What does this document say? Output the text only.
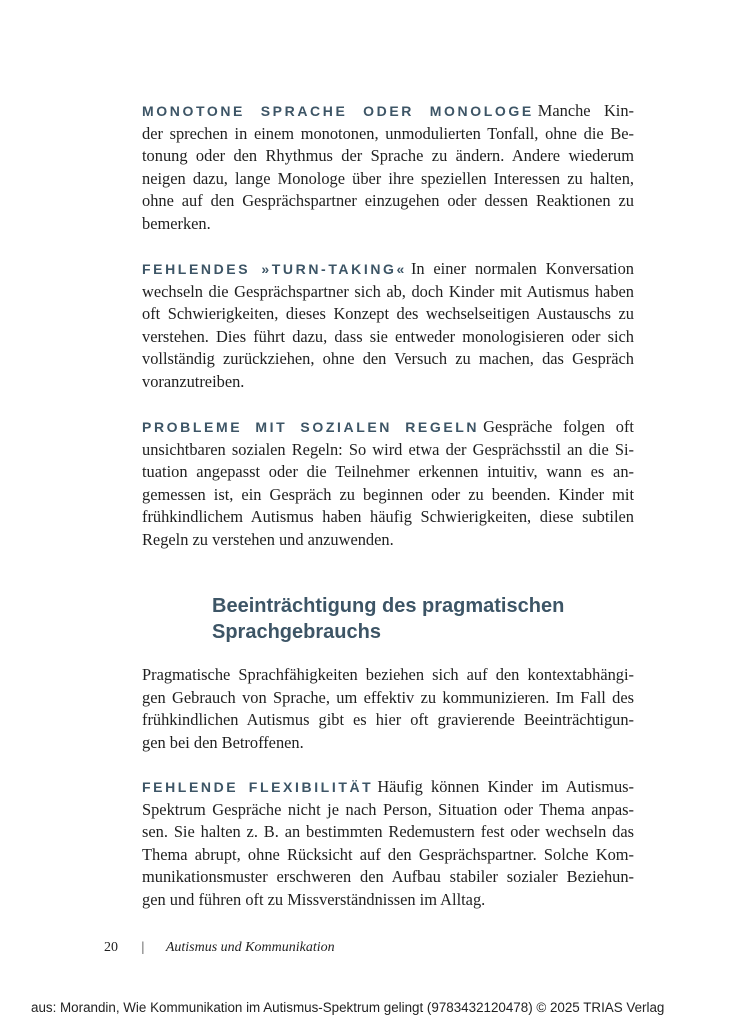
MONOTONE SPRACHE ODER MONOLOGE Manche Kin-
der sprechen in einem monotonen, unmodulierten Tonfall, ohne die Be-
tonung oder den Rhythmus der Sprache zu ändern. Andere wiederum
neigen dazu, lange Monologe über ihre speziellen Interessen zu halten,
ohne auf den Gesprächspartner einzugehen oder dessen Reaktionen zu
bemerken.
FEHLENDES »TURN-TAKING« In einer normalen Konversation
wechseln die Gesprächspartner sich ab, doch Kinder mit Autismus haben
oft Schwierigkeiten, dieses Konzept des wechselseitigen Austauschs zu
verstehen. Dies führt dazu, dass sie entweder monologisieren oder sich
vollständig zurückziehen, ohne den Versuch zu machen, das Gespräch
voranzutreiben.
PROBLEME MIT SOZIALEN REGELN Gespräche folgen oft
unsichtbaren sozialen Regeln: So wird etwa der Gesprächsstil an die Si-
tuation angepasst oder die Teilnehmer erkennen intuitiv, wann es an-
gemessen ist, ein Gespräch zu beginnen oder zu beenden. Kinder mit
frühkindlichem Autismus haben häufig Schwierigkeiten, diese subtilen
Regeln zu verstehen und anzuwenden.
Beeinträchtigung des pragmatischen
Sprachgebrauchs
Pragmatische Sprachfähigkeiten beziehen sich auf den kontextabhängi-
gen Gebrauch von Sprache, um effektiv zu kommunizieren. Im Fall des
frühkindlichen Autismus gibt es hier oft gravierende Beeinträchtigun-
gen bei den Betroffenen.
FEHLENDE FLEXIBILITÄT Häufig können Kinder im Autismus-
Spektrum Gespräche nicht je nach Person, Situation oder Thema anpas-
sen. Sie halten z. B. an bestimmten Redemustern fest oder wechseln das
Thema abrupt, ohne Rücksicht auf den Gesprächspartner. Solche Kom-
munikationsmuster erschweren den Aufbau stabiler sozialer Beziehun-
gen und führen oft zu Missverständnissen im Alltag.
20 | Autismus und Kommunikation
aus: Morandin, Wie Kommunikation im Autismus-Spektrum gelingt (9783432120478) © 2025 TRIAS Verlag
